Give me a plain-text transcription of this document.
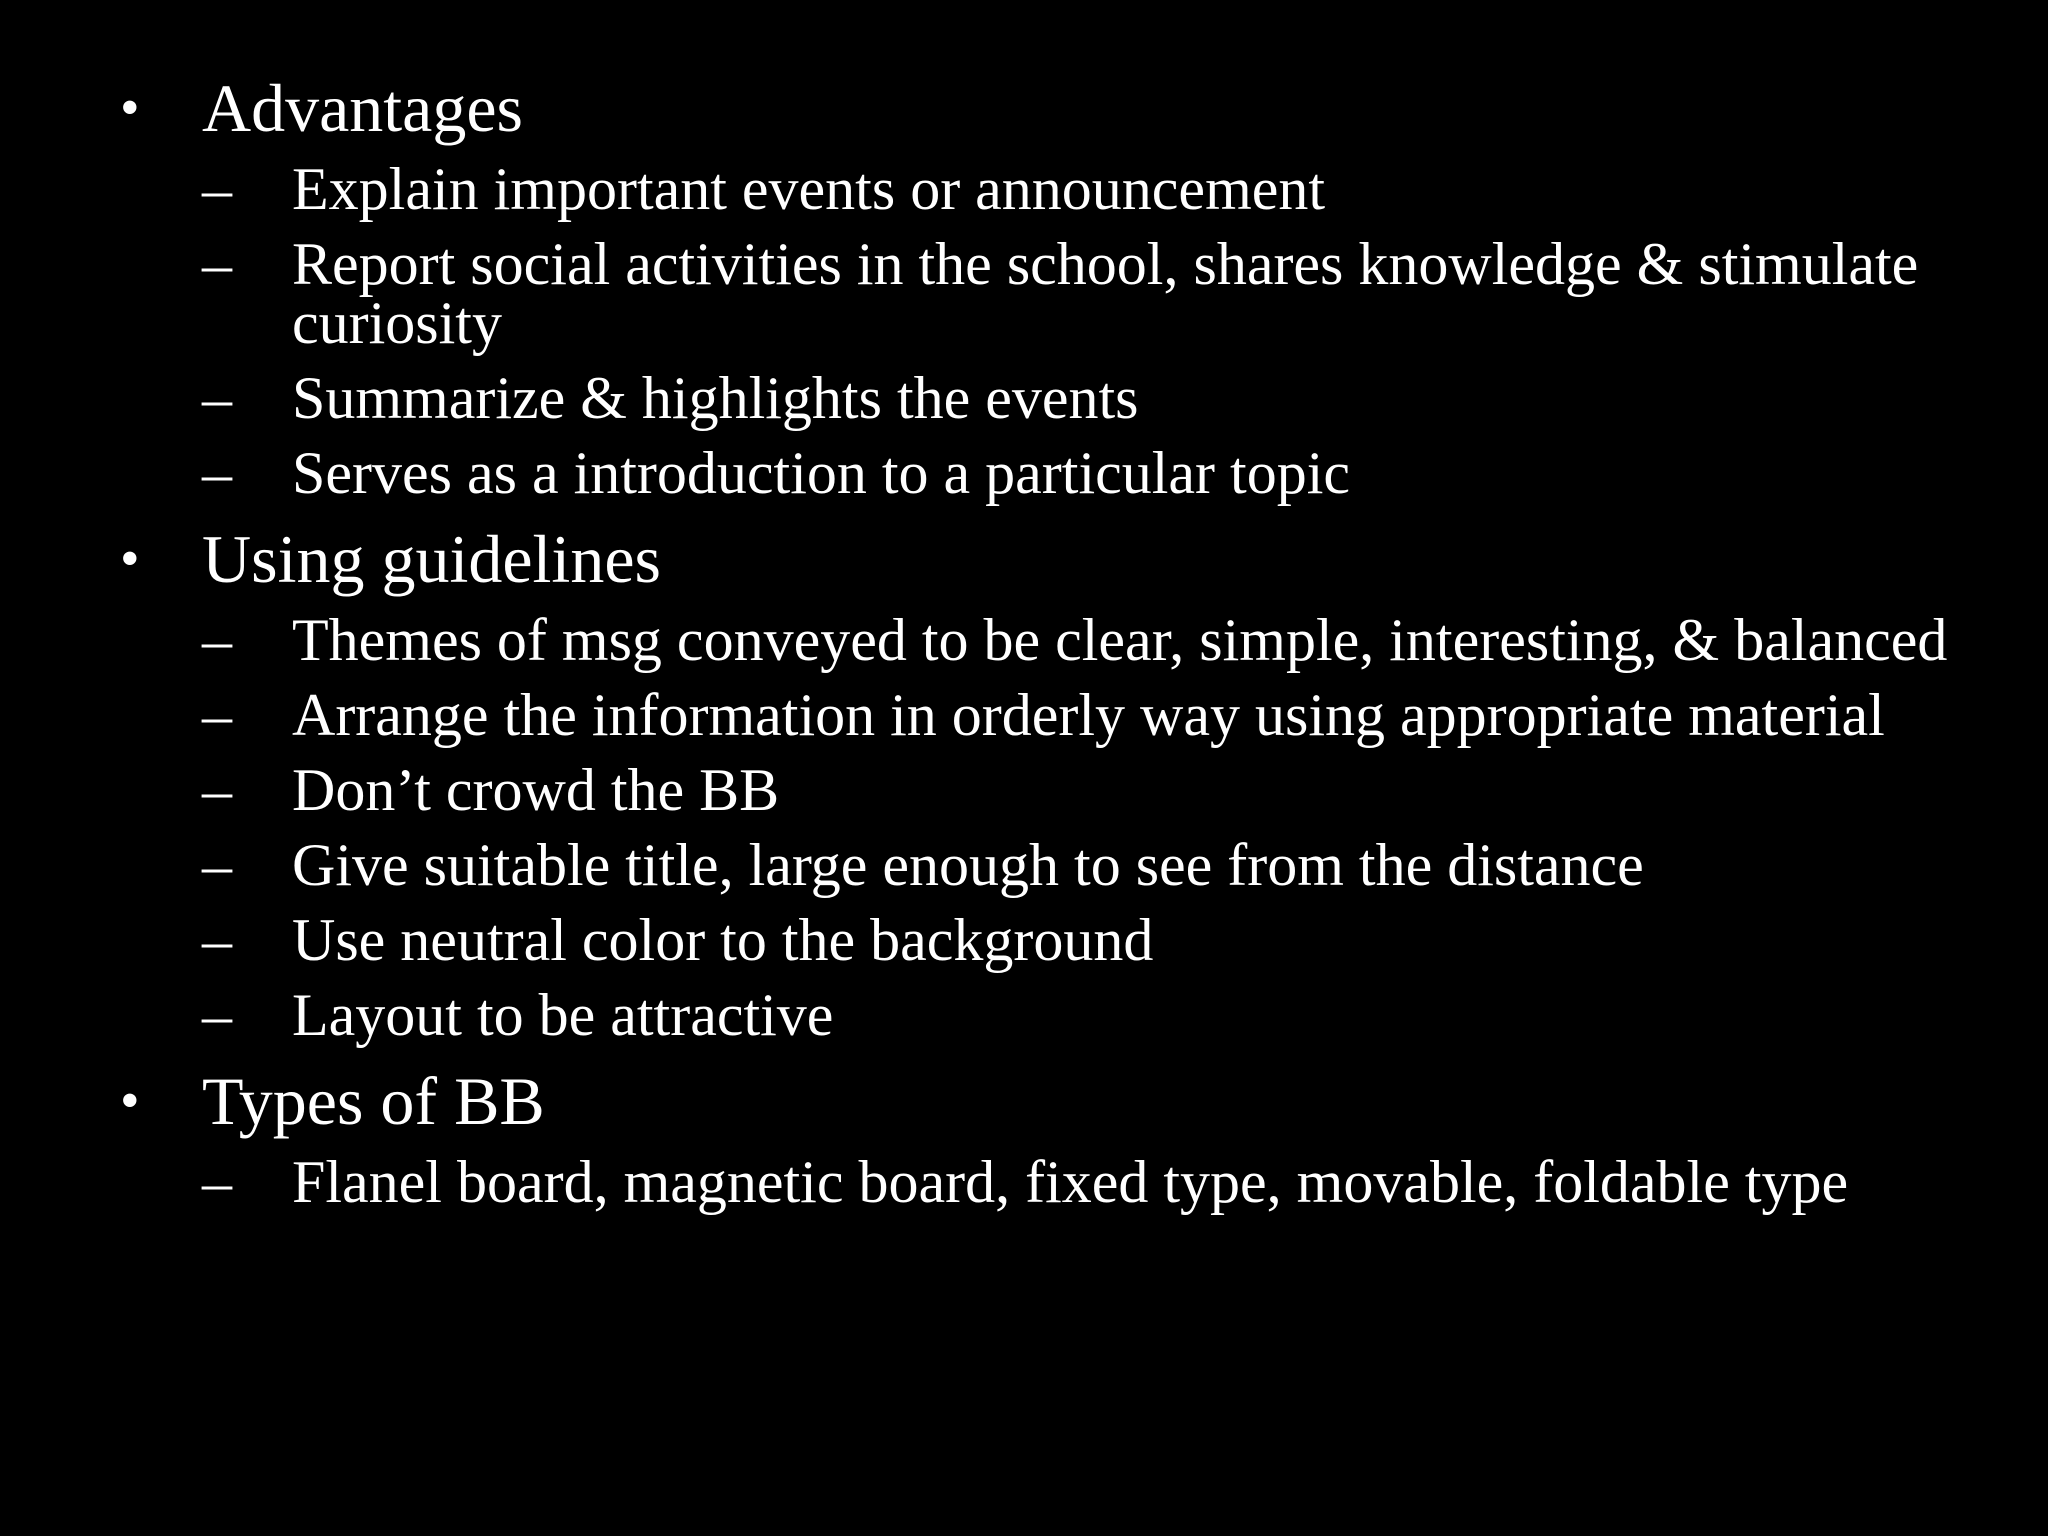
• Advantages
– Explain important events or announcement
– Report social activities in the school, shares knowledge & stimulate curiosity
– Summarize & highlights the events
– Serves as a introduction to a particular topic
• Using guidelines
– Themes of msg conveyed to be clear, simple, interesting, & balanced
– Arrange the information in orderly way using appropriate material
– Don’t crowd the BB
– Give suitable title, large enough to see from the distance
– Use neutral color to the background
– Layout to be attractive
• Types of BB
– Flanel board, magnetic board, fixed type, movable, foldable type
